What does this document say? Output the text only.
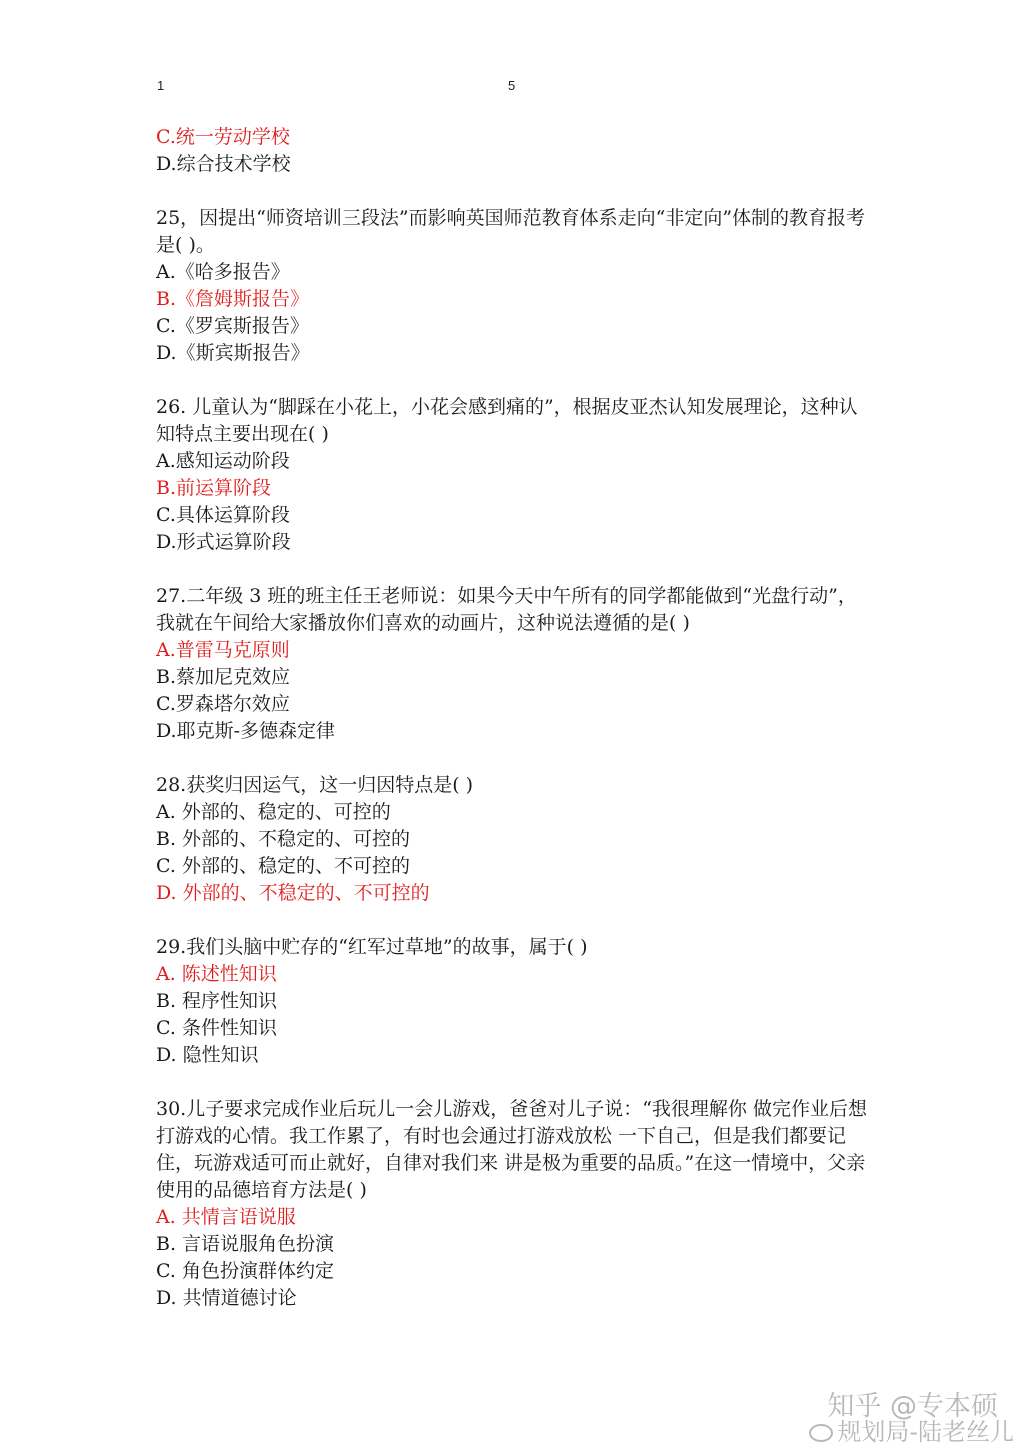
1	5
C.统一劳动学校
D.综合技术学校
25，因提出“师资培训三段法”而影响英国师范教育体系走向“非定向”体制的教育报考是( )。
A.《哈多报告》
B.《詹姆斯报告》
C.《罗宾斯报告》
D.《斯宾斯报告》
26. 儿童认为“脚踩在小花上，小花会感到痛的”，根据皮亚杰认知发展理论，这种认知特点主要出现在( )
A.感知运动阶段
B.前运算阶段
C.具体运算阶段
D.形式运算阶段
27.二年级 3 班的班主任王老师说：如果今天中午所有的同学都能做到“光盘行动”，我就在午间给大家播放你们喜欢的动画片，这种说法遵循的是( )
A.普雷马克原则
B.蔡加尼克效应
C.罗森塔尔效应
D.耶克斯-多德森定律
28.获奖归因运气，这一归因特点是( )
A. 外部的、稳定的、可控的
B. 外部的、不稳定的、可控的
C. 外部的、稳定的、不可控的
D. 外部的、不稳定的、不可控的
29.我们头脑中贮存的“红军过草地”的故事，属于( )
A. 陈述性知识
B. 程序性知识
C. 条件性知识
D. 隐性知识
30.儿子要求完成作业后玩儿一会儿游戏，爸爸对儿子说：“我很理解你 做完作业后想打游戏的心情。我工作累了，有时也会通过打游戏放松 一下自己，但是我们都要记住，玩游戏适可而止就好，自律对我们来 讲是极为重要的品质。”在这一情境中，父亲使用的品德培育方法是( )
A. 共情言语说服
B. 言语说服角色扮演
C. 角色扮演群体约定
D. 共情道德讨论
知乎 @专本硕
规划局-陆老丝儿
